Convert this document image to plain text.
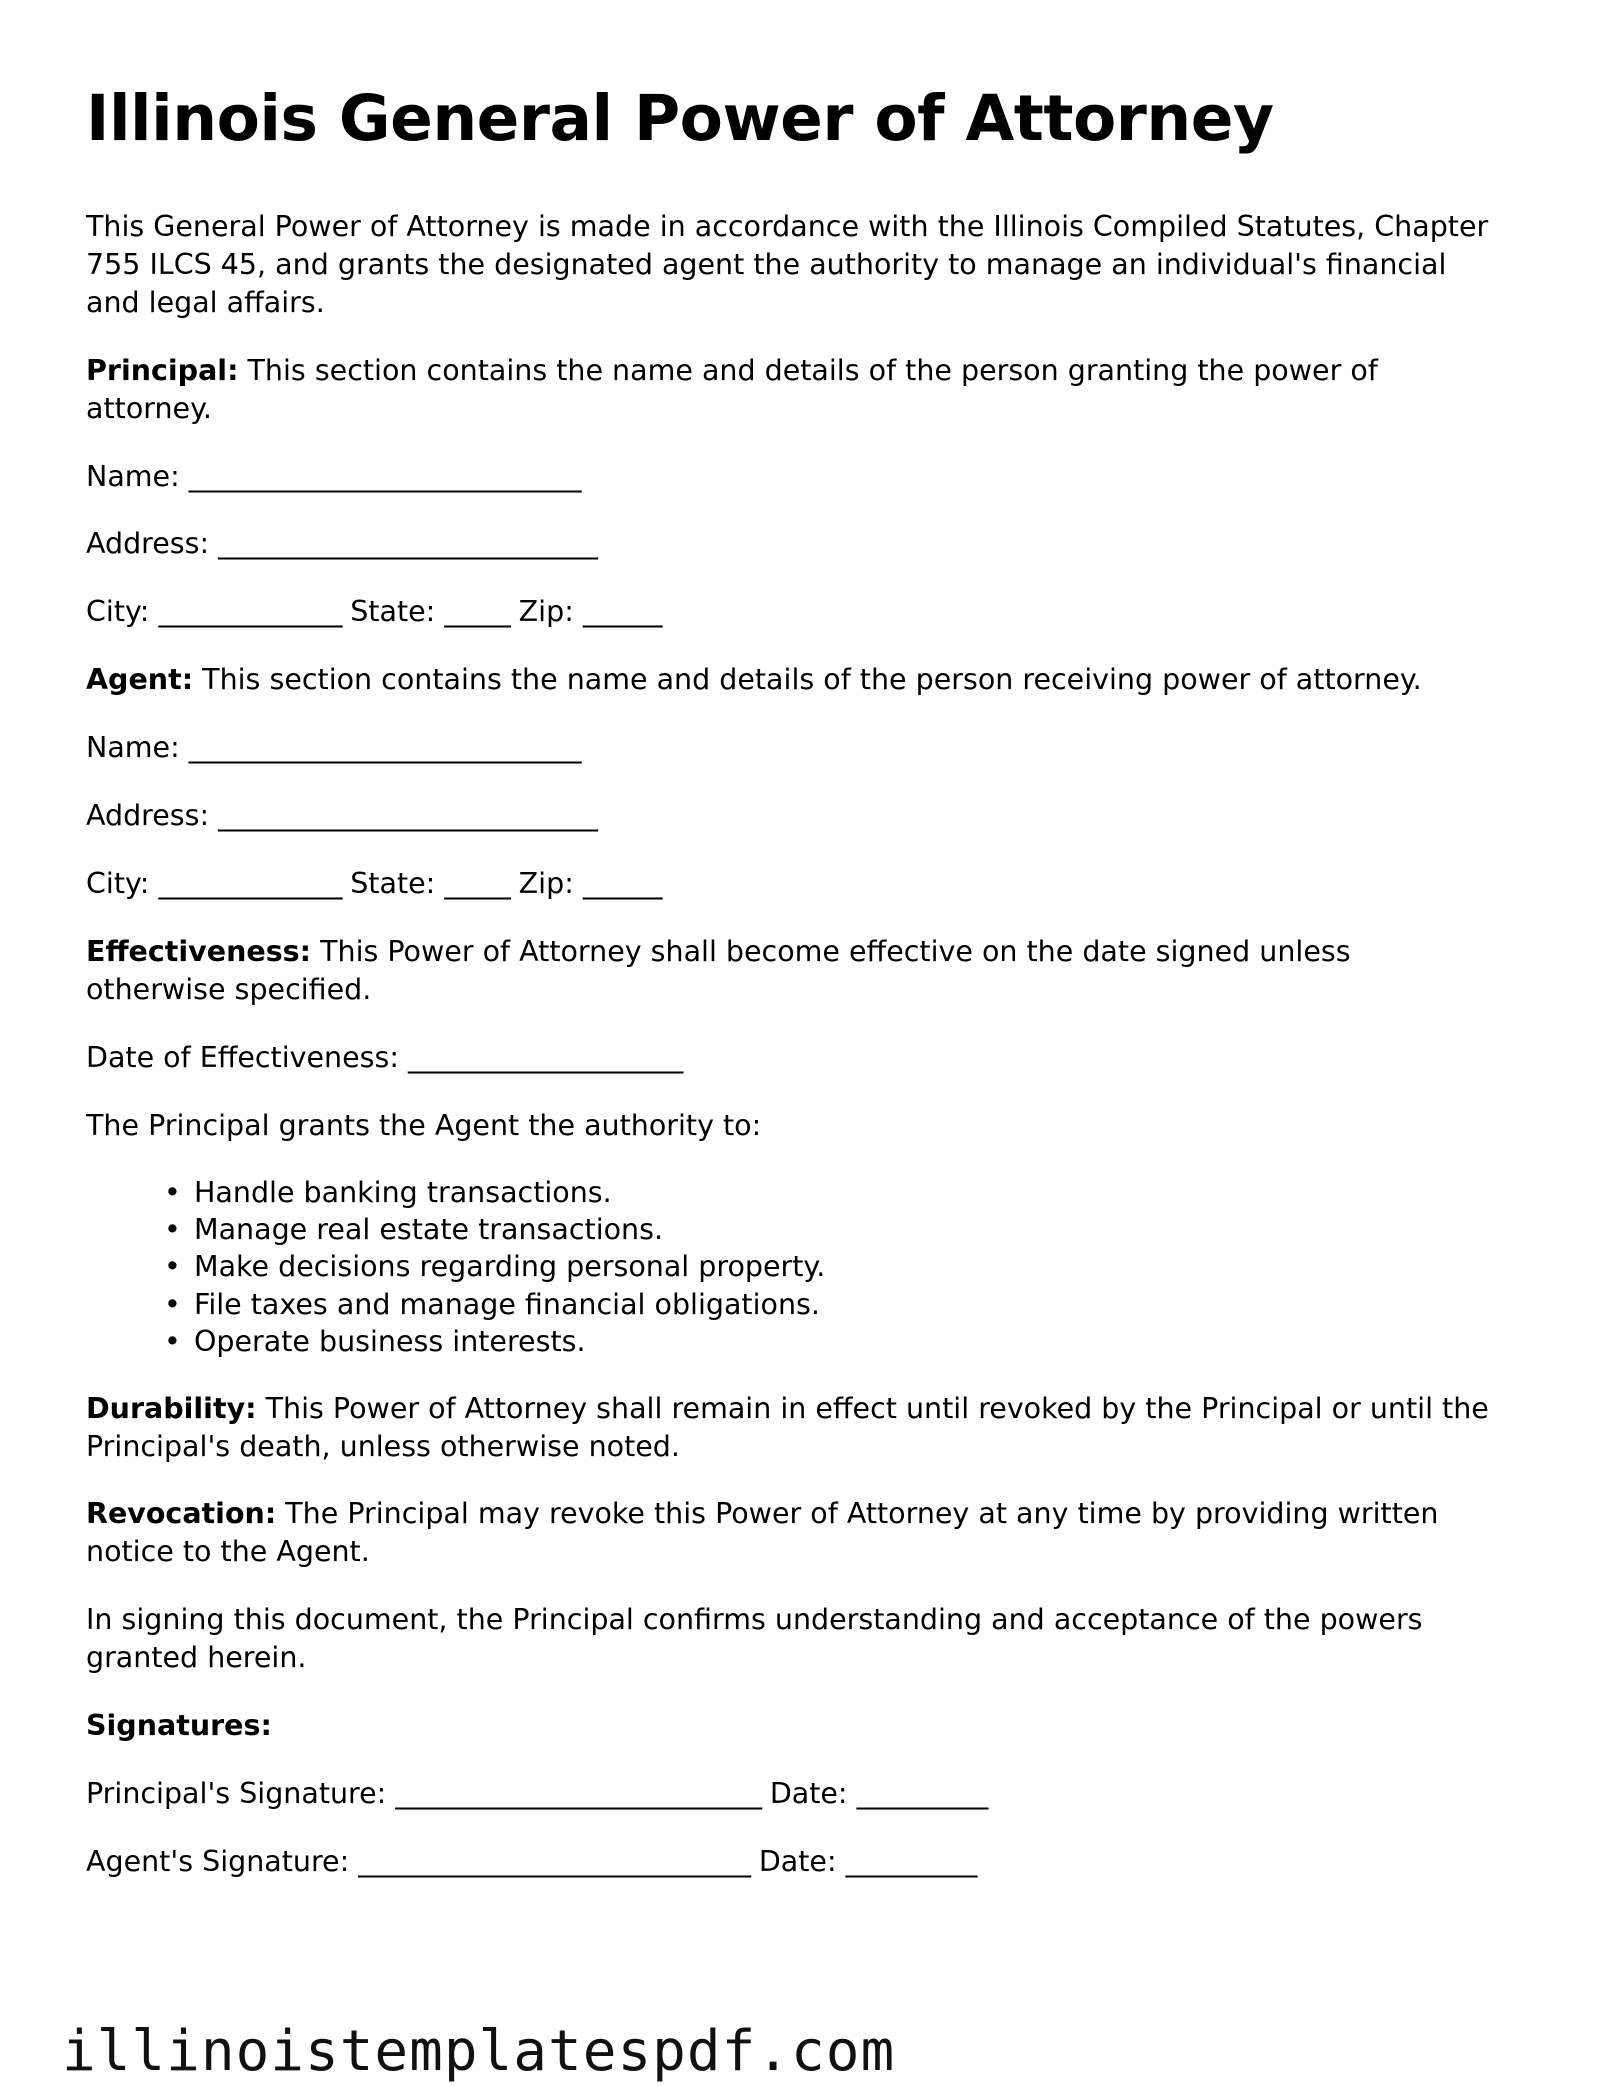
Illinois General Power of Attorney

This General Power of Attorney is made in accordance with the Illinois Compiled Statutes, Chapter 755 ILCS 45, and grants the designated agent the authority to manage an individual's financial and legal affairs.

Principal: This section contains the name and details of the person granting the power of attorney.

Name: ______________________________

Address: _____________________________

City: ______________ State: _____ Zip: ______

Agent: This section contains the name and details of the person receiving power of attorney.

Name: ______________________________

Address: _____________________________

City: ______________ State: _____ Zip: ______

Effectiveness: This Power of Attorney shall become effective on the date signed unless otherwise specified.

Date of Effectiveness: _____________________

The Principal grants the Agent the authority to:

• Handle banking transactions.
• Manage real estate transactions.
• Make decisions regarding personal property.
• File taxes and manage financial obligations.
• Operate business interests.

Durability: This Power of Attorney shall remain in effect until revoked by the Principal or until the Principal's death, unless otherwise noted.

Revocation: The Principal may revoke this Power of Attorney at any time by providing written notice to the Agent.

In signing this document, the Principal confirms understanding and acceptance of the powers granted herein.

Signatures:

Principal's Signature: ____________________________ Date: __________

Agent's Signature: ______________________________ Date: __________

illinoistemplatespdf.com
